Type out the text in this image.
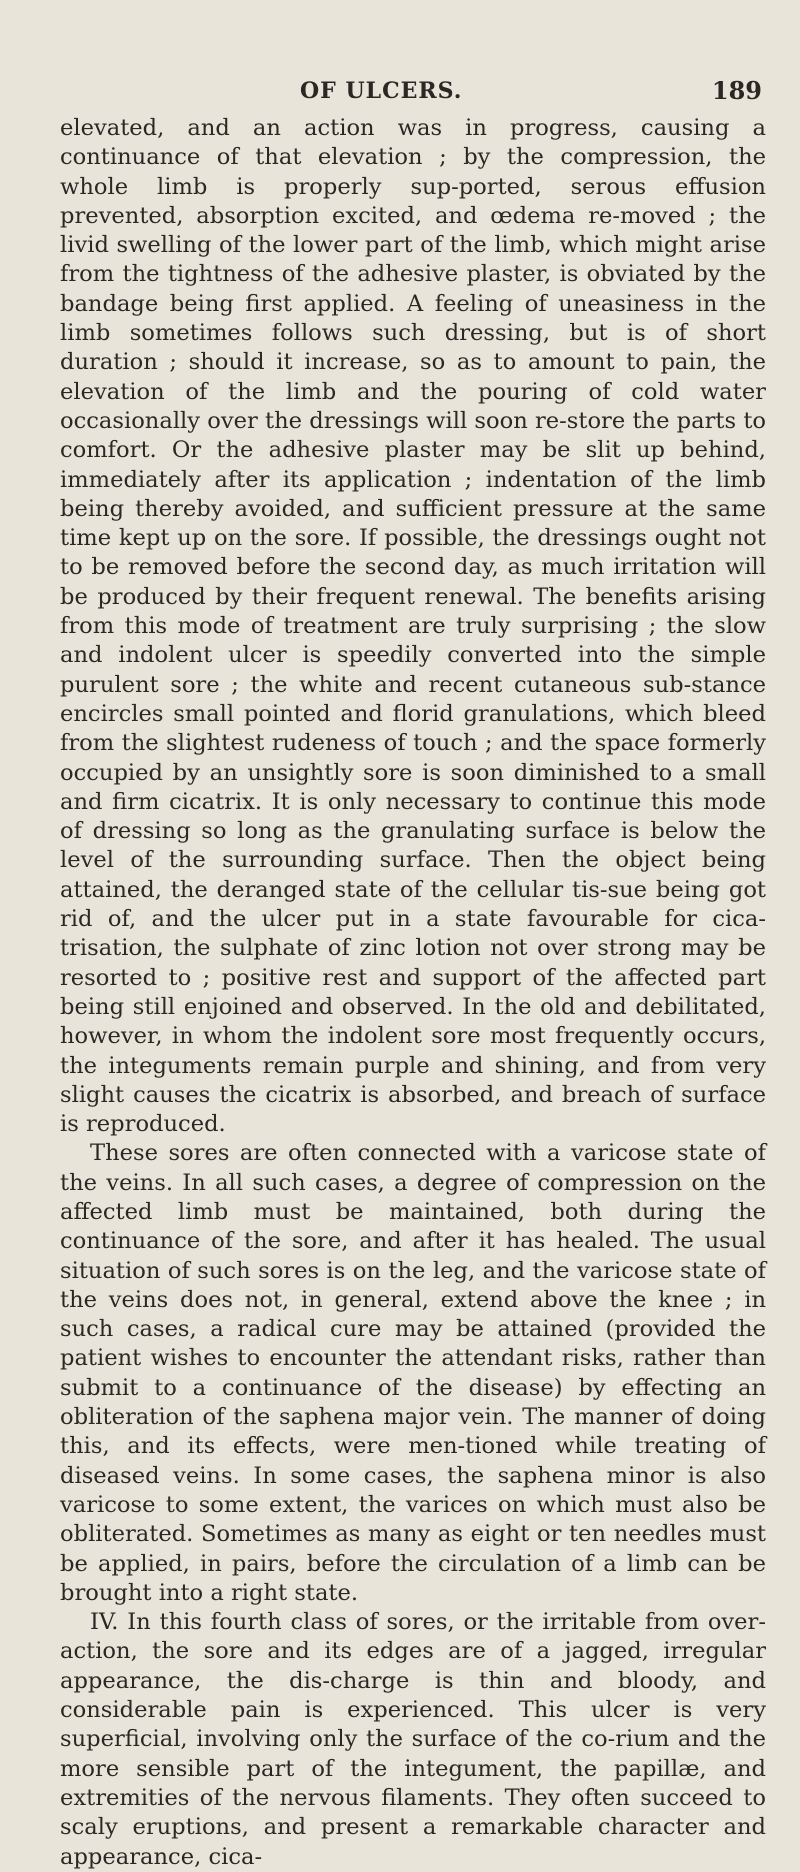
OF ULCERS.	189

elevated, and an action was in progress, causing a continuance of that elevation ; by the compression, the whole limb is properly sup-ported, serous effusion prevented, absorption excited, and œdema re-moved ; the livid swelling of the lower part of the limb, which might arise from the tightness of the adhesive plaster, is obviated by the bandage being first applied. A feeling of uneasiness in the limb sometimes follows such dressing, but is of short duration ; should it increase, so as to amount to pain, the elevation of the limb and the pouring of cold water occasionally over the dressings will soon re-store the parts to comfort. Or the adhesive plaster may be slit up behind, immediately after its application ; indentation of the limb being thereby avoided, and sufficient pressure at the same time kept up on the sore. If possible, the dressings ought not to be removed before the second day, as much irritation will be produced by their frequent renewal. The benefits arising from this mode of treatment are truly surprising ; the slow and indolent ulcer is speedily converted into the simple purulent sore ; the white and recent cutaneous sub-stance encircles small pointed and florid granulations, which bleed from the slightest rudeness of touch ; and the space formerly occupied by an unsightly sore is soon diminished to a small and firm cicatrix. It is only necessary to continue this mode of dressing so long as the granulating surface is below the level of the surrounding surface. Then the object being attained, the deranged state of the cellular tis-sue being got rid of, and the ulcer put in a state favourable for cica-trisation, the sulphate of zinc lotion not over strong may be resorted to ; positive rest and support of the affected part being still enjoined and observed. In the old and debilitated, however, in whom the indolent sore most frequently occurs, the integuments remain purple and shining, and from very slight causes the cicatrix is absorbed, and breach of surface is reproduced.

These sores are often connected with a varicose state of the veins. In all such cases, a degree of compression on the affected limb must be maintained, both during the continuance of the sore, and after it has healed. The usual situation of such sores is on the leg, and the varicose state of the veins does not, in general, extend above the knee ; in such cases, a radical cure may be attained (provided the patient wishes to encounter the attendant risks, rather than submit to a continuance of the disease) by effecting an obliteration of the saphena major vein. The manner of doing this, and its effects, were men-tioned while treating of diseased veins. In some cases, the saphena minor is also varicose to some extent, the varices on which must also be obliterated. Sometimes as many as eight or ten needles must be applied, in pairs, before the circulation of a limb can be brought into a right state.

IV. In this fourth class of sores, or the irritable from over-action, the sore and its edges are of a jagged, irregular appearance, the dis-charge is thin and bloody, and considerable pain is experienced. This ulcer is very superficial, involving only the surface of the co-rium and the more sensible part of the integument, the papillæ, and extremities of the nervous filaments. They often succeed to scaly eruptions, and present a remarkable character and appearance, cica-
